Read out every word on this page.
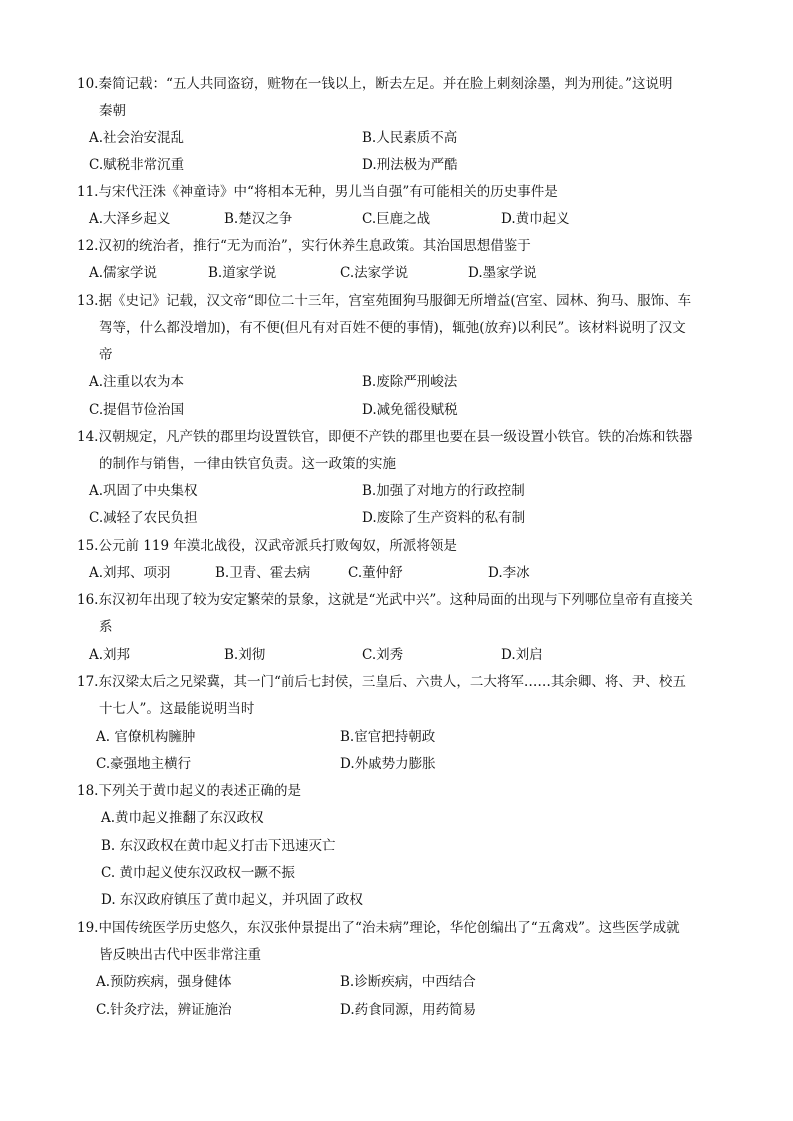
10.秦简记载：“五人共同盗窃，赃物在一钱以上，断去左足。并在脸上刺刻涂墨，判为刑徒。”这说明
秦朝
A.社会治安混乱	B.人民素质不高
C.赋税非常沉重	D.刑法极为严酷
11.与宋代汪洙《神童诗》中“将相本无种，男儿当自强”有可能相关的历史事件是
A.大泽乡起义	B.楚汉之争	C.巨鹿之战	D.黄巾起义
12.汉初的统治者，推行“无为而治”，实行休养生息政策。其治国思想借鉴于
A.儒家学说	B.道家学说	C.法家学说	D.墨家学说
13.据《史记》记载，汉文帝“即位二十三年，宫室苑囿狗马服御无所增益(宫室、园林、狗马、服饰、车
驾等，什么都没增加)，有不便(但凡有对百姓不便的事情)，辄弛(放弃)以利民”。该材料说明了汉文
帝
A.注重以农为本	B.废除严刑峻法
C.提倡节俭治国	D.减免徭役赋税
14.汉朝规定，凡产铁的郡里均设置铁官，即便不产铁的郡里也要在县一级设置小铁官。铁的冶炼和铁器
的制作与销售，一律由铁官负责。这一政策的实施
A.巩固了中央集权	B.加强了对地方的行政控制
C.减轻了农民负担	D.废除了生产资料的私有制
15.公元前 119 年漠北战役，汉武帝派兵打败匈奴，所派将领是
A.刘邦、项羽	B.卫青、霍去病	C.董仲舒	D.李冰
16.东汉初年出现了较为安定繁荣的景象，这就是“光武中兴”。这种局面的出现与下列哪位皇帝有直接关
系
A.刘邦	B.刘彻	C.刘秀	D.刘启
17.东汉梁太后之兄梁冀，其一门“前后七封侯，三皇后、六贵人，二大将军……其余卿、将、尹、校五
十七人”。这最能说明当时
A. 官僚机构臃肿	B.宦官把持朝政
C.豪强地主横行	D.外戚势力膨胀
18.下列关于黄巾起义的表述正确的是
A.黄巾起义推翻了东汉政权
B. 东汉政权在黄巾起义打击下迅速灭亡
C. 黄巾起义使东汉政权一蹶不振
D. 东汉政府镇压了黄巾起义，并巩固了政权
19.中国传统医学历史悠久，东汉张仲景提出了“治未病”理论，华佗创编出了“五禽戏”。这些医学成就
皆反映出古代中医非常注重
A.预防疾病，强身健体	B.诊断疾病，中西结合
C.针灸疗法，辨证施治	D.药食同源，用药简易
